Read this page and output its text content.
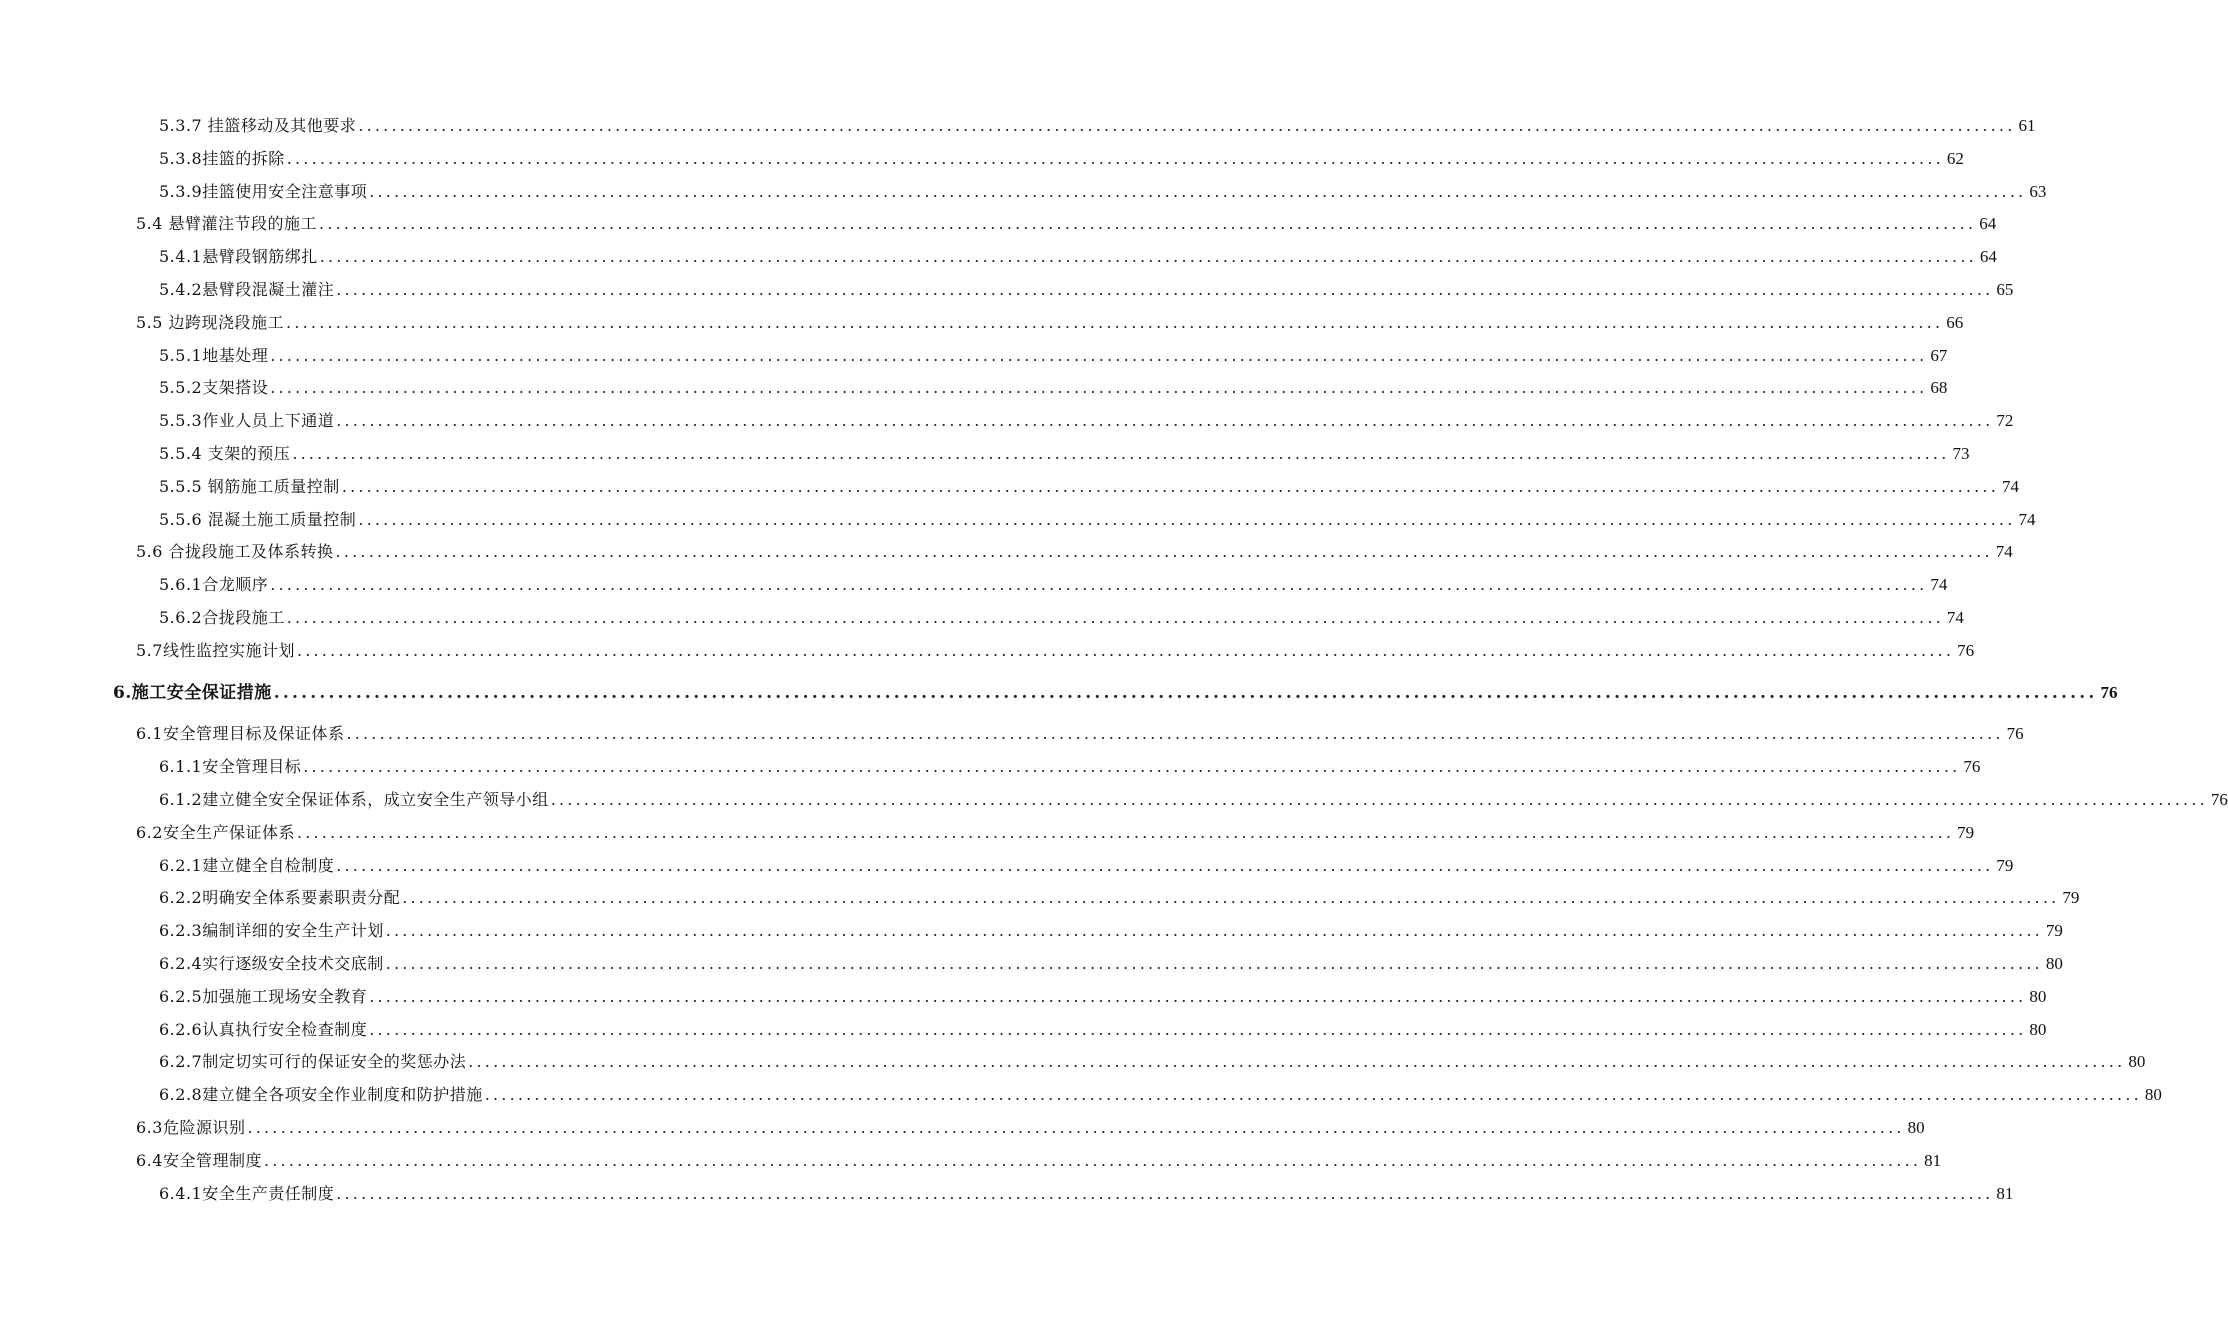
5.3.7 挂篮移动及其他要求 ........................................................................................................................................................................................................ 61
5.3.8挂篮的拆除 ........................................................................................................................................................................................................ 62
5.3.9挂篮使用安全注意事项 ........................................................................................................................................................................................................ 63
5.4 悬臂灌注节段的施工 ........................................................................................................................................................................................................ 64
5.4.1悬臂段钢筋绑扎 ........................................................................................................................................................................................................ 64
5.4.2悬臂段混凝土灌注 ........................................................................................................................................................................................................ 65
5.5 边跨现浇段施工 ........................................................................................................................................................................................................ 66
5.5.1地基处理 ........................................................................................................................................................................................................ 67
5.5.2支架搭设 ........................................................................................................................................................................................................ 68
5.5.3作业人员上下通道 ........................................................................................................................................................................................................ 72
5.5.4 支架的预压 ........................................................................................................................................................................................................ 73
5.5.5 钢筋施工质量控制 ........................................................................................................................................................................................................ 74
5.5.6 混凝土施工质量控制 ........................................................................................................................................................................................................ 74
5.6 合拢段施工及体系转换 ........................................................................................................................................................................................................ 74
5.6.1合龙顺序 ........................................................................................................................................................................................................ 74
5.6.2合拢段施工 ........................................................................................................................................................................................................ 74
5.7线性监控实施计划 ........................................................................................................................................................................................................ 76
6.施工安全保证措施 ........................................................................................................................................................................................................ 76
6.1安全管理目标及保证体系 ........................................................................................................................................................................................................ 76
6.1.1安全管理目标 ........................................................................................................................................................................................................ 76
6.1.2建立健全安全保证体系，成立安全生产领导小组 ........................................................................................................................................................................................................ 76
6.2安全生产保证体系 ........................................................................................................................................................................................................ 79
6.2.1建立健全自检制度 ........................................................................................................................................................................................................ 79
6.2.2明确安全体系要素职责分配 ........................................................................................................................................................................................................ 79
6.2.3编制详细的安全生产计划 ........................................................................................................................................................................................................ 79
6.2.4实行逐级安全技术交底制 ........................................................................................................................................................................................................ 80
6.2.5加强施工现场安全教育 ........................................................................................................................................................................................................ 80
6.2.6认真执行安全检查制度 ........................................................................................................................................................................................................ 80
6.2.7制定切实可行的保证安全的奖惩办法 ........................................................................................................................................................................................................ 80
6.2.8建立健全各项安全作业制度和防护措施 ........................................................................................................................................................................................................ 80
6.3危险源识别 ........................................................................................................................................................................................................ 80
6.4安全管理制度 ........................................................................................................................................................................................................ 81
6.4.1安全生产责任制度 ........................................................................................................................................................................................................ 81
